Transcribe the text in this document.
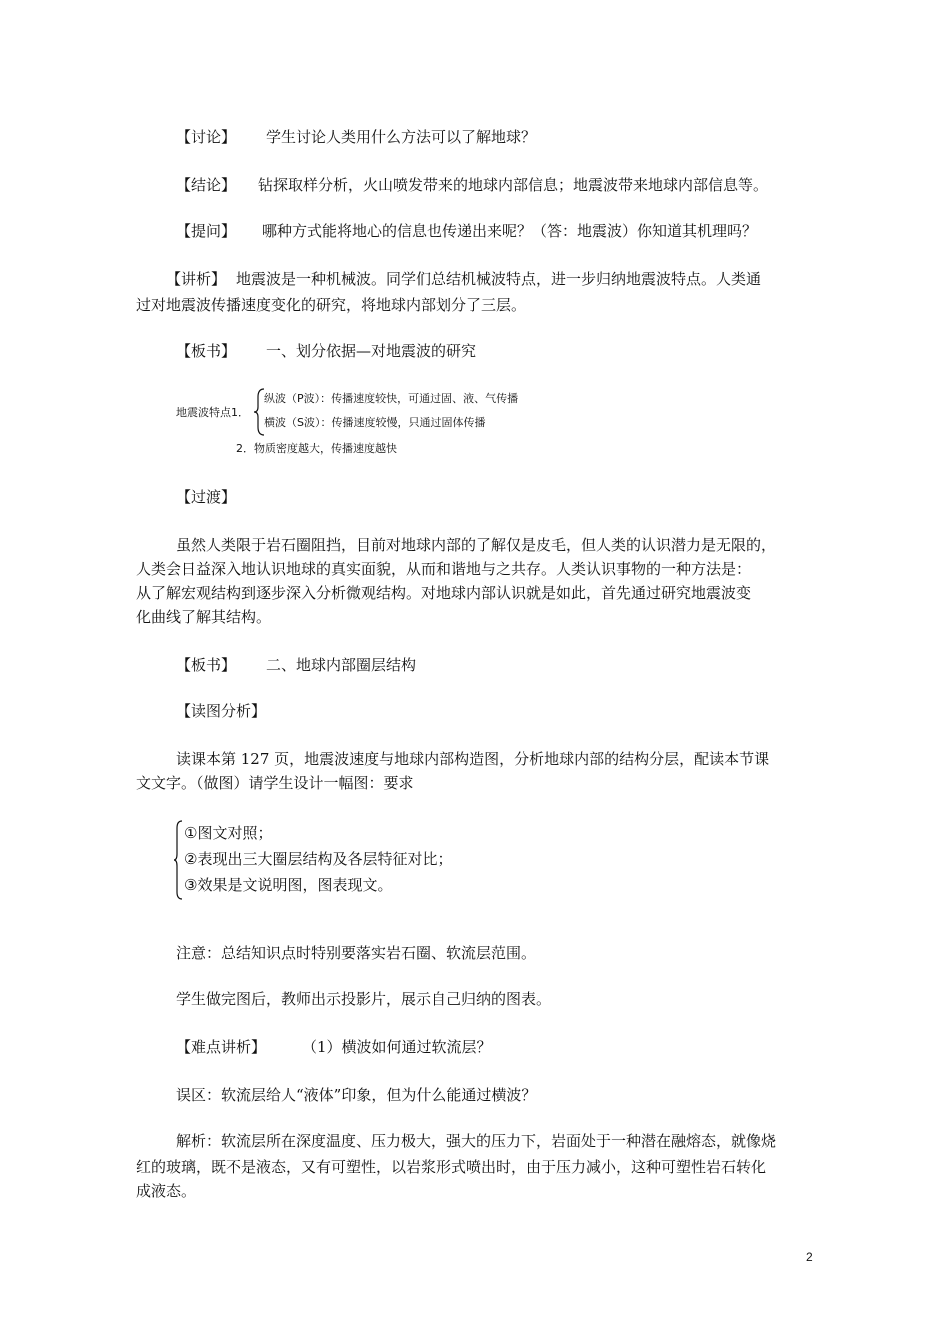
【讨论】 学生讨论人类用什么方法可以了解地球？
【结论】 钻探取样分析，火山喷发带来的地球内部信息；地震波带来地球内部信息等。
【提问】 哪种方式能将地心的信息也传递出来呢？（答：地震波）你知道其机理吗？
【讲析】 地震波是一种机械波。同学们总结机械波特点，进一步归纳地震波特点。人类通
过对地震波传播速度变化的研究，将地球内部划分了三层。
【板书】 一、划分依据—对地震波的研究
地震波特点1．
纵波（P波）：传播速度较快，可通过固、液、气传播
横波（S波）：传播速度较慢，只通过固体传播
2．物质密度越大，传播速度越快
【过渡】
虽然人类限于岩石圈阻挡，目前对地球内部的了解仅是皮毛，但人类的认识潜力是无限的，
人类会日益深入地认识地球的真实面貌，从而和谐地与之共存。人类认识事物的一种方法是：
从了解宏观结构到逐步深入分析微观结构。对地球内部认识就是如此，首先通过研究地震波变
化曲线了解其结构。
【板书】 二、地球内部圈层结构
【读图分析】
读课本第 127 页，地震波速度与地球内部构造图，分析地球内部的结构分层，配读本节课
文文字。（做图）请学生设计一幅图：要求
①图文对照；
②表现出三大圈层结构及各层特征对比；
③效果是文说明图，图表现文。
注意：总结知识点时特别要落实岩石圈、软流层范围。
学生做完图后，教师出示投影片，展示自己归纳的图表。
【难点讲析】 （1）横波如何通过软流层？
误区：软流层给人“液体”印象，但为什么能通过横波？
解析：软流层所在深度温度、压力极大，强大的压力下，岩面处于一种潜在融熔态，就像烧
红的玻璃，既不是液态，又有可塑性，以岩浆形式喷出时，由于压力减小，这种可塑性岩石转化
成液态。
2
